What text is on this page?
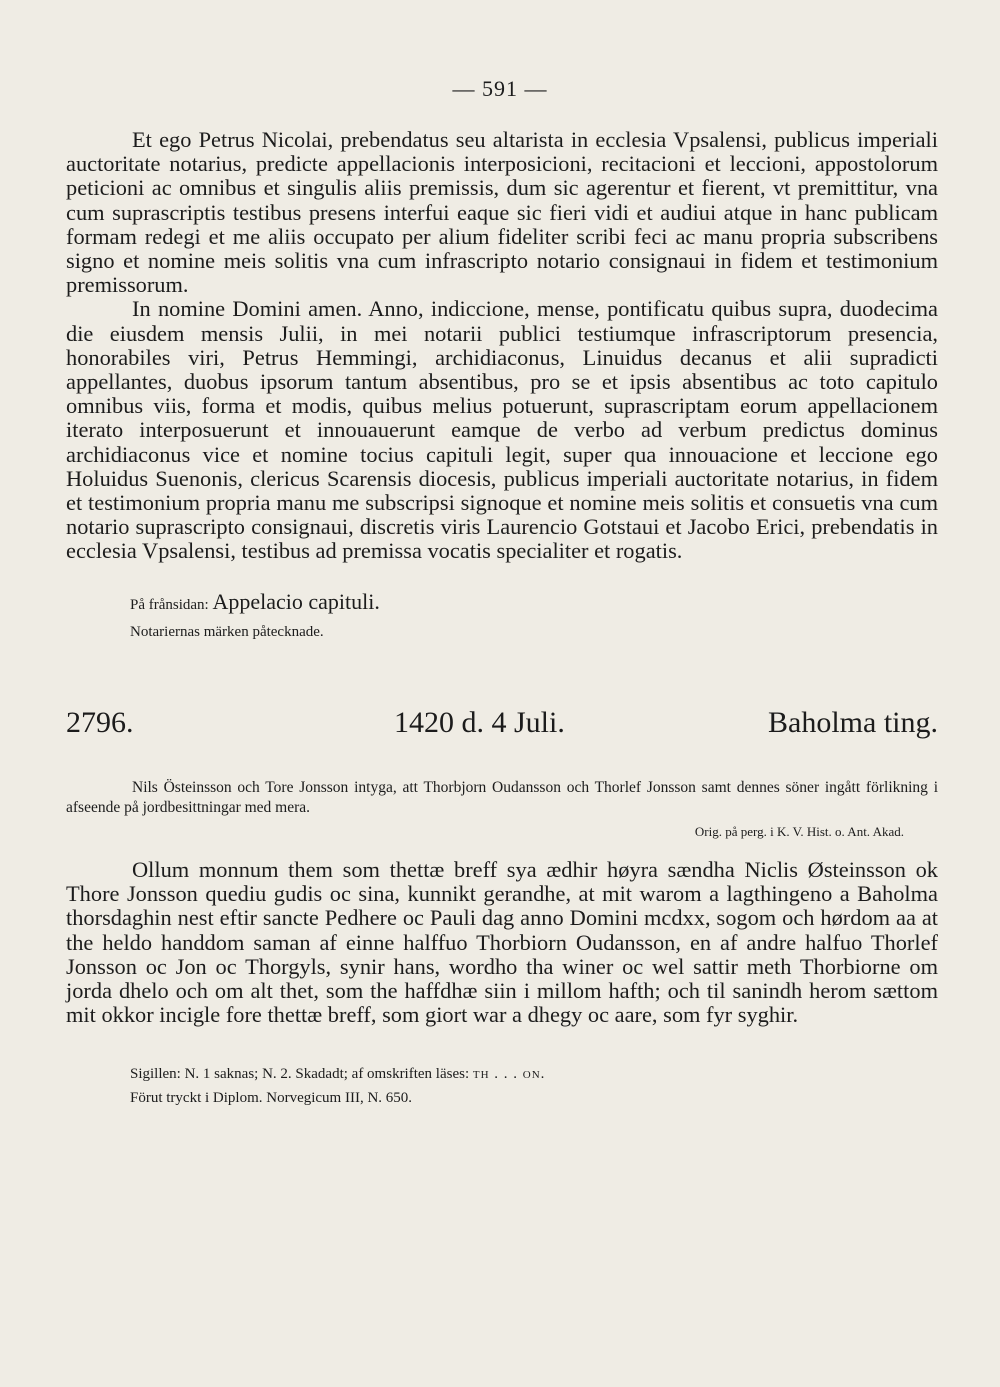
— 591 —

Et ego Petrus Nicolai, prebendatus seu altarista in ecclesia Vpsalensi, publicus imperiali auctoritate notarius, predicte appellacionis interposicioni, recitacioni et leccioni, appostolorum peticioni ac omnibus et singulis aliis premissis, dum sic agerentur et fierent, vt premittitur, vna cum suprascriptis testibus presens interfui eaque sic fieri vidi et audiui atque in hanc publicam formam redegi et me aliis occupato per alium fideliter scribi feci ac manu propria subscribens signo et nomine meis solitis vna cum infrascripto notario consignaui in fidem et testimonium premissorum.

In nomine Domini amen. Anno, indiccione, mense, pontificatu quibus supra, duodecima die eiusdem mensis Julii, in mei notarii publici testiumque infrascriptorum presencia, honorabiles viri, Petrus Hemmingi, archidiaconus, Linuidus decanus et alii supradicti appellantes, duobus ipsorum tantum absentibus, pro se et ipsis absentibus ac toto capitulo omnibus viis, forma et modis, quibus melius potuerunt, suprascriptam eorum appellacionem iterato interposuerunt et innouauerunt eamque de verbo ad verbum predictus dominus archidiaconus vice et nomine tocius capituli legit, super qua innouacione et leccione ego Holuidus Suenonis, clericus Scarensis diocesis, publicus imperiali auctoritate notarius, in fidem et testimonium propria manu me subscripsi signoque et nomine meis solitis et consuetis vna cum notario suprascripto consignaui, discretis viris Laurencio Gotstaui et Jacobo Erici, prebendatis in ecclesia Vpsalensi, testibus ad premissa vocatis specialiter et rogatis.

På frånsidan: Appelacio capituli.
Notariernas märken påtecknade.
2796.	1420 d. 4 Juli.	Baholma ting.
Nils Östeinsson och Tore Jonsson intyga, att Thorbjorn Oudansson och Thorlef Jonsson samt dennes söner ingått förlikning i afseende på jordbesittningar med mera.
Orig. på perg. i K. V. Hist. o. Ant. Akad.

Ollum monnum them som thettæ breff sya ædhir høyra sændha Niclis Østeinsson ok Thore Jonsson quediu gudis oc sina, kunnikt gerandhe, at mit warom a lagthingeno a Baholma thorsdaghin nest eftir sancte Pedhere oc Pauli dag anno Domini mcdxx, sogom och hørdom aa at the heldo handdom saman af einne halffuo Thorbiorn Oudansson, en af andre halfuo Thorlef Jonsson oc Jon oc Thorgyls, synir hans, wordho tha winer oc wel sattir meth Thorbiorne om jorda dhelo och om alt thet, som the haffdhæ siin i millom hafth; och til sanindh herom sættom mit okkor incigle fore thettæ breff, som giort war a dhegy oc aare, som fyr syghir.

Sigillen: N. 1 saknas; N. 2. Skadadt; af omskriften läses: th . . . on.
Förut tryckt i Diplom. Norvegicum III, N. 650.
